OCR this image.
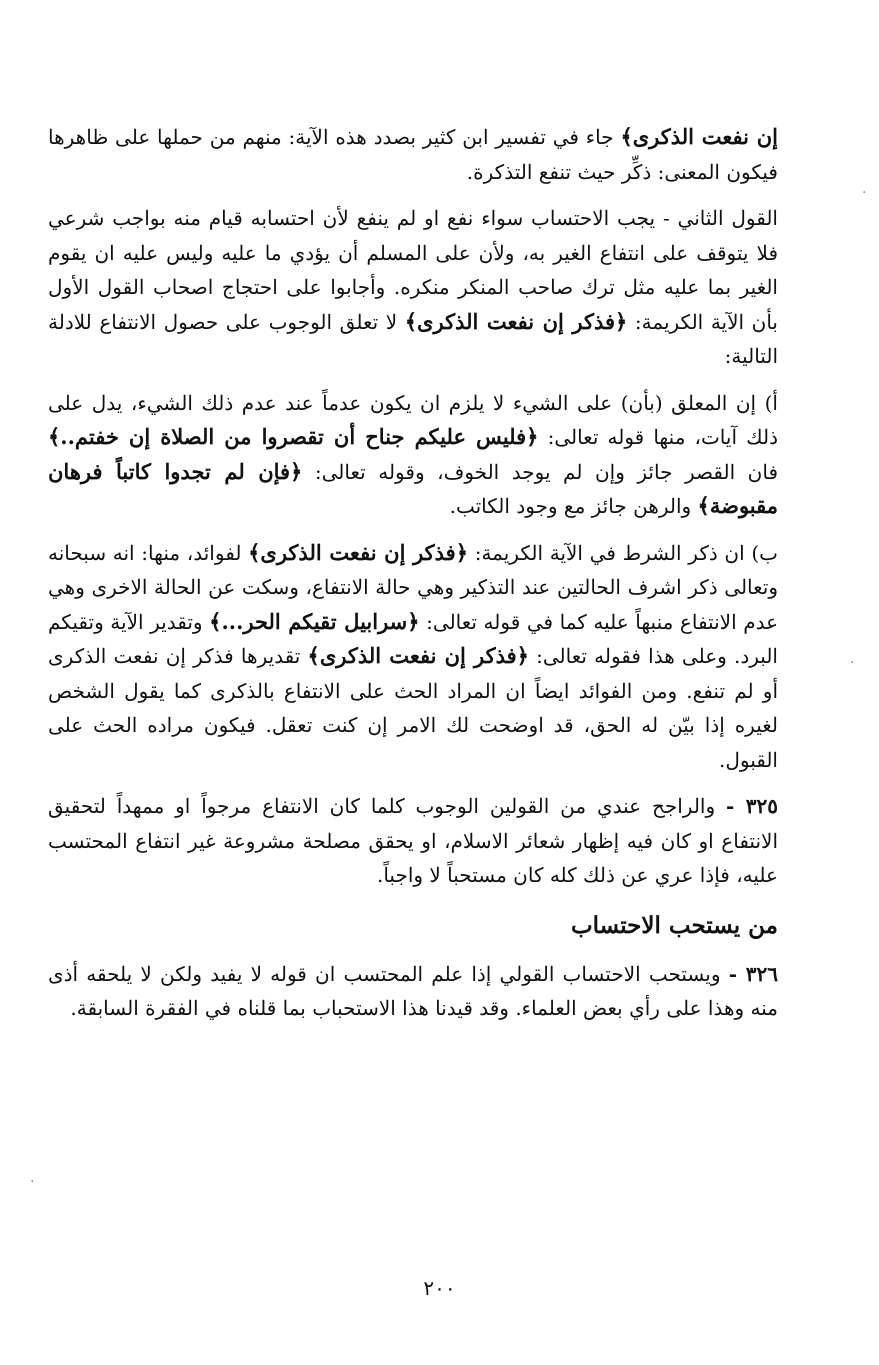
إن نفعت الذكرى﴾ جاء في تفسير ابن كثير بصدد هذه الآية: منهم من حملها على ظاهرها فيكون المعنى: ذكِّر حيث تنفع التذكرة.

القول الثاني - يجب الاحتساب سواء نفع او لم ينفع لأن احتسابه قيام منه بواجب شرعي فلا يتوقف على انتفاع الغير به، ولأن على المسلم أن يؤدي ما عليه وليس عليه ان يقوم الغير بما عليه مثل ترك صاحب المنكر منكره. وأجابوا على احتجاج اصحاب القول الأول بأن الآية الكريمة: ﴿فذكر إن نفعت الذكرى﴾ لا تعلق الوجوب على حصول الانتفاع للادلة التالية:

أ) إن المعلق (بأن) على الشيء لا يلزم ان يكون عدماً عند عدم ذلك الشيء، يدل على ذلك آيات، منها قوله تعالى: ﴿فليس عليكم جناح أن تقصروا من الصلاة إن خفتم..﴾ فان القصر جائز وإن لم يوجد الخوف، وقوله تعالى: ﴿فإن لم تجدوا كاتباً فرهان مقبوضة﴾ والرهن جائز مع وجود الكاتب.

ب) ان ذكر الشرط في الآية الكريمة: ﴿فذكر إن نفعت الذكرى﴾ لفوائد، منها: انه سبحانه وتعالى ذكر اشرف الحالتين عند التذكير وهي حالة الانتفاع، وسكت عن الحالة الاخرى وهي عدم الانتفاع منبهاً عليه كما في قوله تعالى: ﴿سرابيل تقيكم الحر...﴾ وتقدير الآية وتقيكم البرد. وعلى هذا فقوله تعالى: ﴿فذكر إن نفعت الذكرى﴾ تقديرها فذكر إن نفعت الذكرى أو لم تنفع. ومن الفوائد ايضاً ان المراد الحث على الانتفاع بالذكرى كما يقول الشخص لغيره إذا بيّن له الحق، قد اوضحت لك الامر إن كنت تعقل. فيكون مراده الحث على القبول.

٣٢٥ - والراجح عندي من القولين الوجوب كلما كان الانتفاع مرجواً او ممهداً لتحقيق الانتفاع او كان فيه إظهار شعائر الاسلام، او يحقق مصلحة مشروعة غير انتفاع المحتسب عليه، فإذا عري عن ذلك كله كان مستحباً لا واجباً.

من يستحب الاحتساب

٣٢٦ - ويستحب الاحتساب القولي إذا علم المحتسب ان قوله لا يفيد ولكن لا يلحقه أذى منه وهذا على رأي بعض العلماء. وقد قيدنا هذا الاستحباب بما قلناه في الفقرة السابقة.

٢٠٠
·
·
·
